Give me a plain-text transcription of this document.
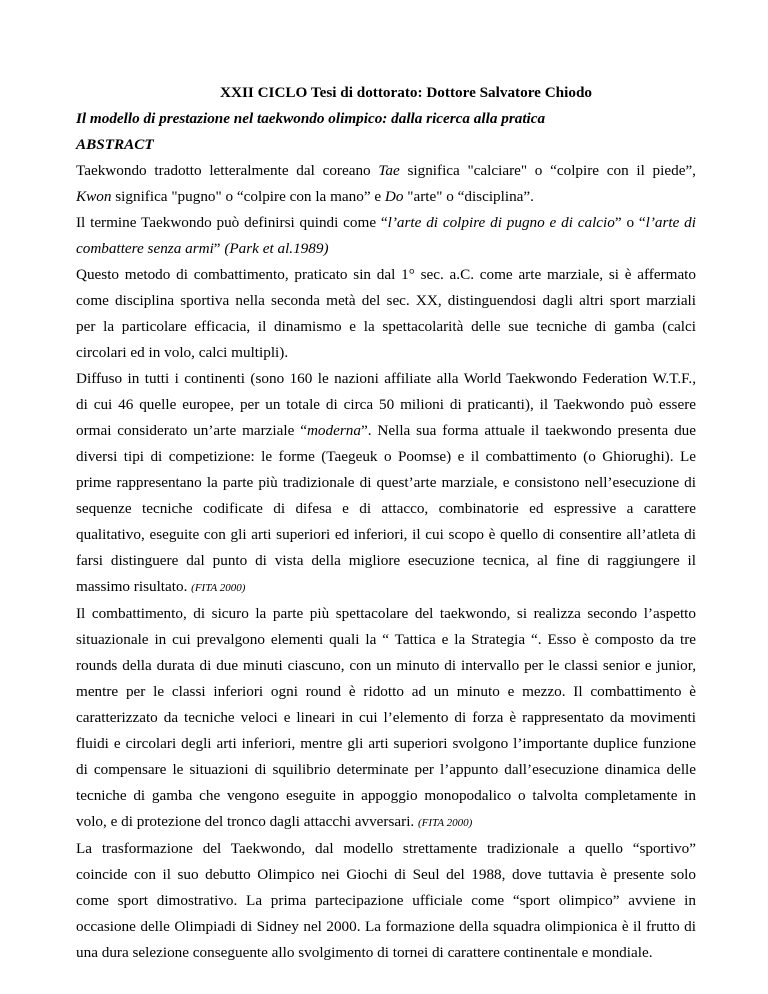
XXII CICLO Tesi di dottorato: Dottore Salvatore Chiodo

Il modello di prestazione nel taekwondo olimpico: dalla ricerca alla pratica

ABSTRACT

Taekwondo tradotto letteralmente dal coreano Tae significa "calciare" o “colpire con il piede”,
Kwon significa "pugno" o “colpire con la mano” e Do "arte" o “disciplina”.
Il termine Taekwondo può definirsi quindi come “l’arte di colpire di pugno e di calcio” o “l’arte di
combattere senza armi” (Park et al.1989)
Questo metodo di combattimento, praticato sin dal 1° sec. a.C. come arte marziale, si è affermato
come disciplina sportiva nella seconda metà del sec. XX, distinguendosi dagli altri sport marziali
per la particolare efficacia, il dinamismo e la spettacolarità delle sue tecniche di gamba (calci
circolari ed in volo, calci multipli).
Diffuso in tutti i continenti (sono 160 le nazioni affiliate alla World Taekwondo Federation W.T.F.,
di cui 46 quelle europee, per un totale di circa 50 milioni di praticanti), il Taekwondo può essere
ormai considerato un’arte marziale “moderna”. Nella sua forma attuale il taekwondo presenta due
diversi tipi di competizione: le forme (Taegeuk o Poomse) e il combattimento (o Ghiorughi). Le
prime rappresentano la parte più tradizionale di quest’arte marziale, e consistono nell’esecuzione di
sequenze tecniche codificate di difesa e di attacco, combinatorie ed espressive a carattere
qualitativo, eseguite con gli arti superiori ed inferiori, il cui scopo è quello di consentire all’atleta di
farsi distinguere dal punto di vista della migliore esecuzione tecnica, al fine di raggiungere il
massimo risultato. (FITA 2000)
Il combattimento, di sicuro la parte più spettacolare del taekwondo, si realizza secondo l’aspetto
situazionale in cui prevalgono elementi quali la “ Tattica e la Strategia “. Esso è composto da tre
rounds della durata di due minuti ciascuno, con un minuto di intervallo per le classi senior e junior,
mentre per le classi inferiori ogni round è ridotto ad un minuto e mezzo. Il combattimento è
caratterizzato da tecniche veloci e lineari in cui l’elemento di forza è rappresentato da movimenti
fluidi e circolari degli arti inferiori, mentre gli arti superiori svolgono l’importante duplice funzione
di compensare le situazioni di squilibrio determinate per l’appunto dall’esecuzione dinamica delle
tecniche di gamba che vengono eseguite in appoggio monopodalico o talvolta completamente in
volo, e di protezione del tronco dagli attacchi avversari. (FITA 2000)
La trasformazione del Taekwondo, dal modello strettamente tradizionale a quello “sportivo”
coincide con il suo debutto Olimpico nei Giochi di Seul del 1988, dove tuttavia è presente solo
come sport dimostrativo. La prima partecipazione ufficiale come “sport olimpico” avviene in
occasione delle Olimpiadi di Sidney nel 2000. La formazione della squadra olimpionica è il frutto di
una dura selezione conseguente allo svolgimento di tornei di carattere continentale e mondiale.
